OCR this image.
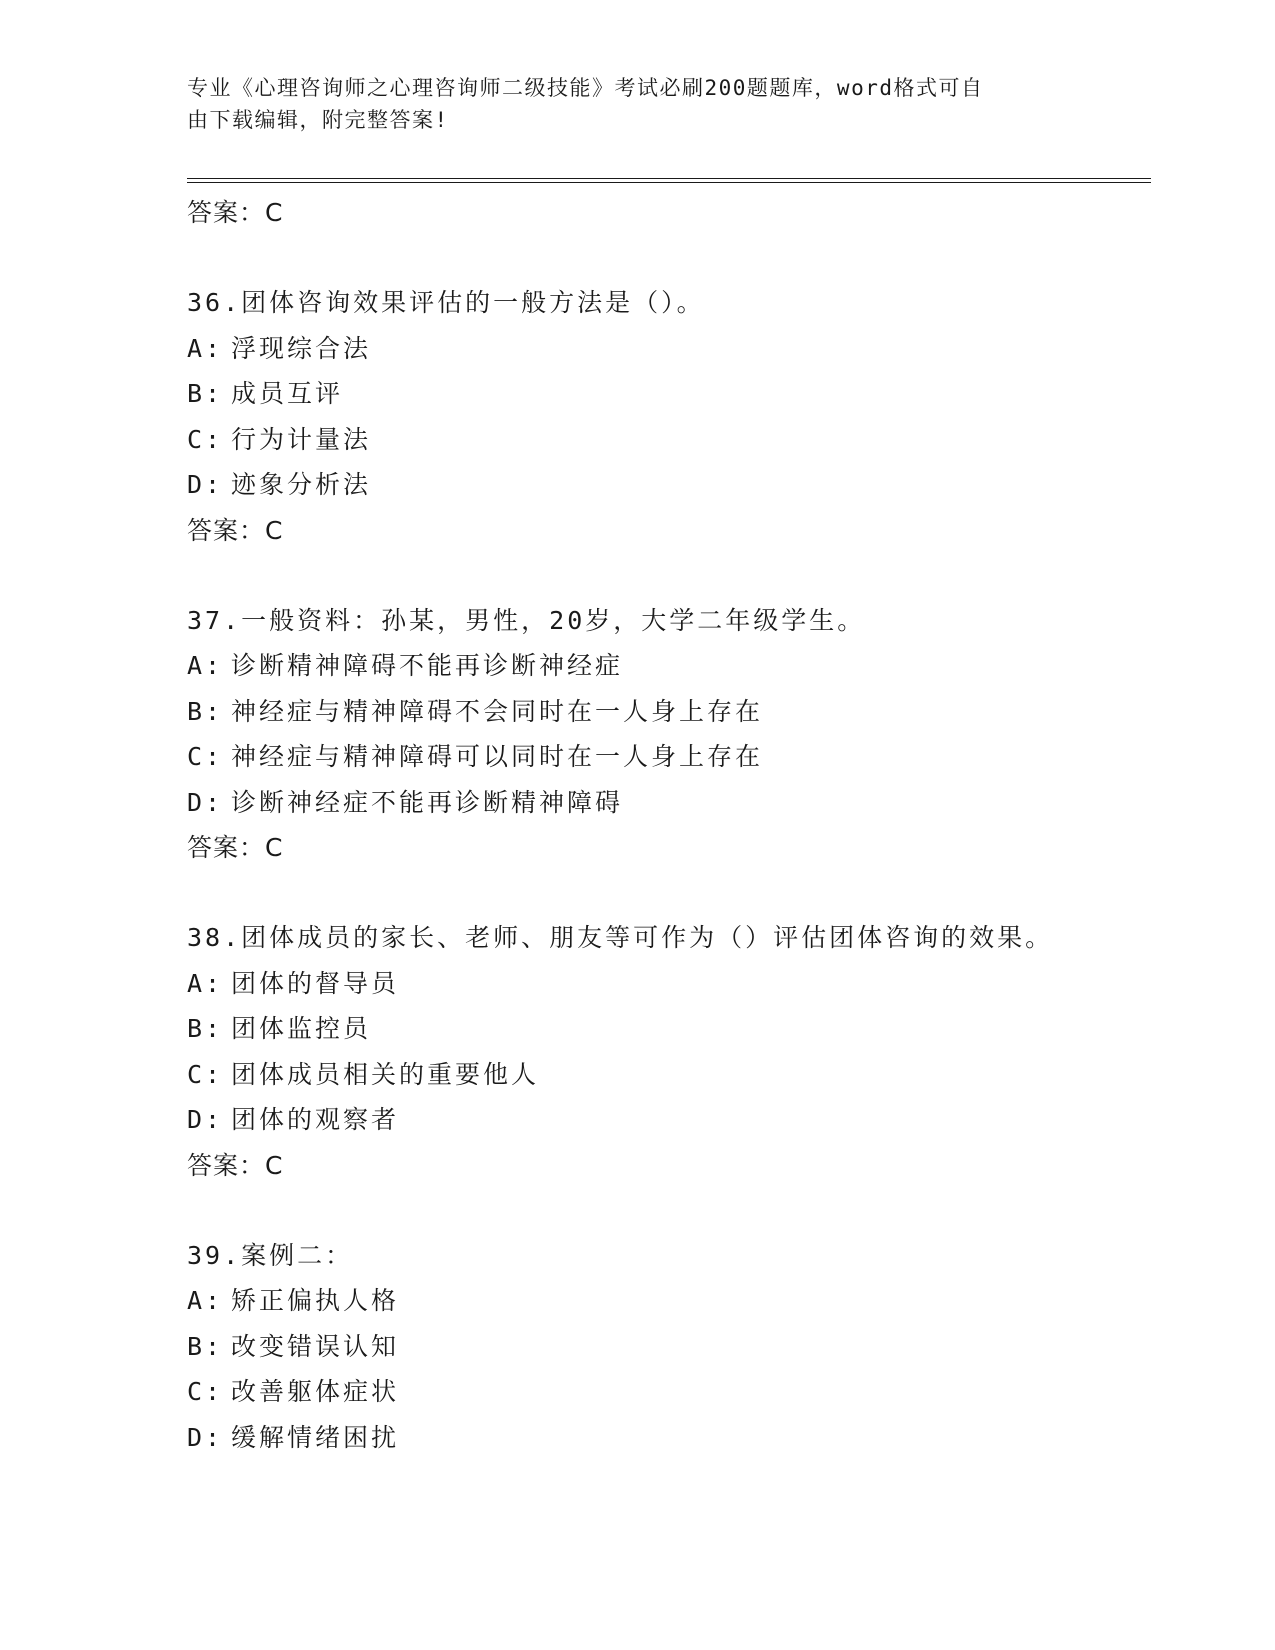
专业《心理咨询师之心理咨询师二级技能》考试必刷200题题库，word格式可自
由下载编辑，附完整答案!
答案：C
36.团体咨询效果评估的一般方法是（）。
A: 浮现综合法
B: 成员互评
C: 行为计量法
D: 迹象分析法
答案：C
37.一般资料：孙某，男性，20岁，大学二年级学生。
A: 诊断精神障碍不能再诊断神经症
B: 神经症与精神障碍不会同时在一人身上存在
C: 神经症与精神障碍可以同时在一人身上存在
D: 诊断神经症不能再诊断精神障碍
答案：C
38.团体成员的家长、老师、朋友等可作为（）评估团体咨询的效果。
A: 团体的督导员
B: 团体监控员
C: 团体成员相关的重要他人
D: 团体的观察者
答案：C
39.案例二：
A: 矫正偏执人格
B: 改变错误认知
C: 改善躯体症状
D: 缓解情绪困扰
